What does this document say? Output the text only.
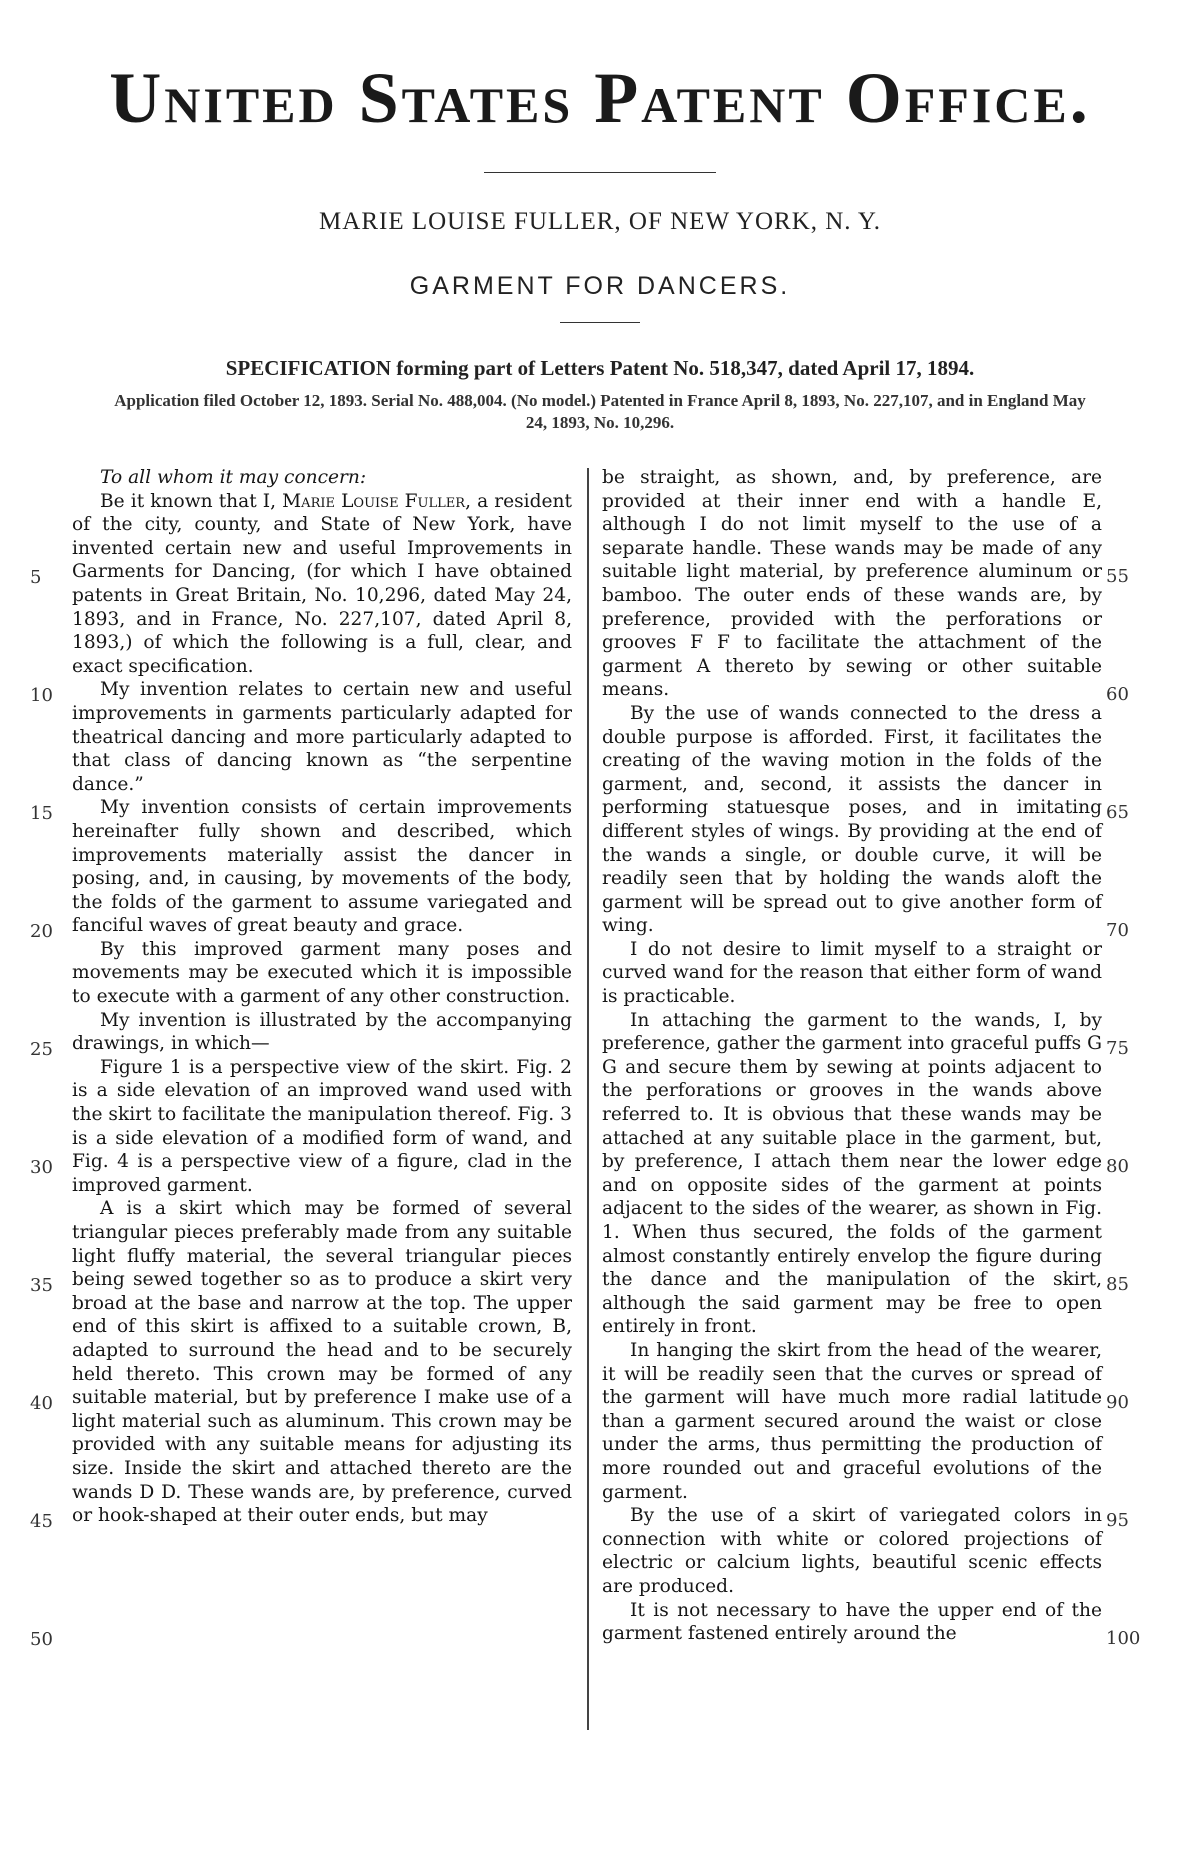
United States Patent Office.
MARIE LOUISE FULLER, OF NEW YORK, N. Y.
GARMENT FOR DANCERS.
SPECIFICATION forming part of Letters Patent No. 518,347, dated April 17, 1894.
Application filed October 12, 1893. Serial No. 488,004. (No model.) Patented in France April 8, 1893, No. 227,107, and in England May 24, 1893, No. 10,296.
5
10
15
20
25
30
35
40
45
50

To all whom it may concern:

Be it known that I, Marie Louise Fuller, a resident of the city, county, and State of New York, have invented certain new and useful Improvements in Garments for Dancing, (for which I have obtained patents in Great Britain, No. 10,296, dated May 24, 1893, and in France, No. 227,107, dated April 8, 1893,) of which the following is a full, clear, and exact specification.

My invention relates to certain new and useful improvements in garments particularly adapted for theatrical dancing and more particularly adapted to that class of dancing known as “the serpentine dance.”

My invention consists of certain improvements hereinafter fully shown and described, which improvements materially assist the dancer in posing, and, in causing, by movements of the body, the folds of the garment to assume variegated and fanciful waves of great beauty and grace.

By this improved garment many poses and movements may be executed which it is impossible to execute with a garment of any other construction.

My invention is illustrated by the accompanying drawings, in which—

Figure 1 is a perspective view of the skirt. Fig. 2 is a side elevation of an improved wand used with the skirt to facilitate the manipulation thereof. Fig. 3 is a side elevation of a modified form of wand, and Fig. 4 is a perspective view of a figure, clad in the improved garment.

A is a skirt which may be formed of several triangular pieces preferably made from any suitable light fluffy material, the several triangular pieces being sewed together so as to produce a skirt very broad at the base and narrow at the top. The upper end of this skirt is affixed to a suitable crown, B, adapted to surround the head and to be securely held thereto. This crown may be formed of any suitable material, but by preference I make use of a light material such as aluminum. This crown may be provided with any suitable means for adjusting its size. Inside the skirt and attached thereto are the wands D D. These wands are, by preference, curved or hook-shaped at their outer ends, but may

be straight, as shown, and, by preference, are provided at their inner end with a handle E, although I do not limit myself to the use of a separate handle. These wands may be made of any suitable light material, by preference aluminum or bamboo. The outer ends of these wands are, by preference, provided with the perforations or grooves F F to facilitate the attachment of the garment A thereto by sewing or other suitable means.

By the use of wands connected to the dress a double purpose is afforded. First, it facilitates the creating of the waving motion in the folds of the garment, and, second, it assists the dancer in performing statuesque poses, and in imitating different styles of wings. By providing at the end of the wands a single, or double curve, it will be readily seen that by holding the wands aloft the garment will be spread out to give another form of wing.

I do not desire to limit myself to a straight or curved wand for the reason that either form of wand is practicable.

In attaching the garment to the wands, I, by preference, gather the garment into graceful puffs G G and secure them by sewing at points adjacent to the perforations or grooves in the wands above referred to. It is obvious that these wands may be attached at any suitable place in the garment, but, by preference, I attach them near the lower edge and on opposite sides of the garment at points adjacent to the sides of the wearer, as shown in Fig. 1. When thus secured, the folds of the garment almost constantly entirely envelop the figure during the dance and the manipulation of the skirt, although the said garment may be free to open entirely in front.

In hanging the skirt from the head of the wearer, it will be readily seen that the curves or spread of the garment will have much more radial latitude than a garment secured around the waist or close under the arms, thus permitting the production of more rounded out and graceful evolutions of the garment.

By the use of a skirt of variegated colors in connection with white or colored projections of electric or calcium lights, beautiful scenic effects are produced.

It is not necessary to have the upper end of the garment fastened entirely around the

55
60
65
70
75
80
85
90
95
100
